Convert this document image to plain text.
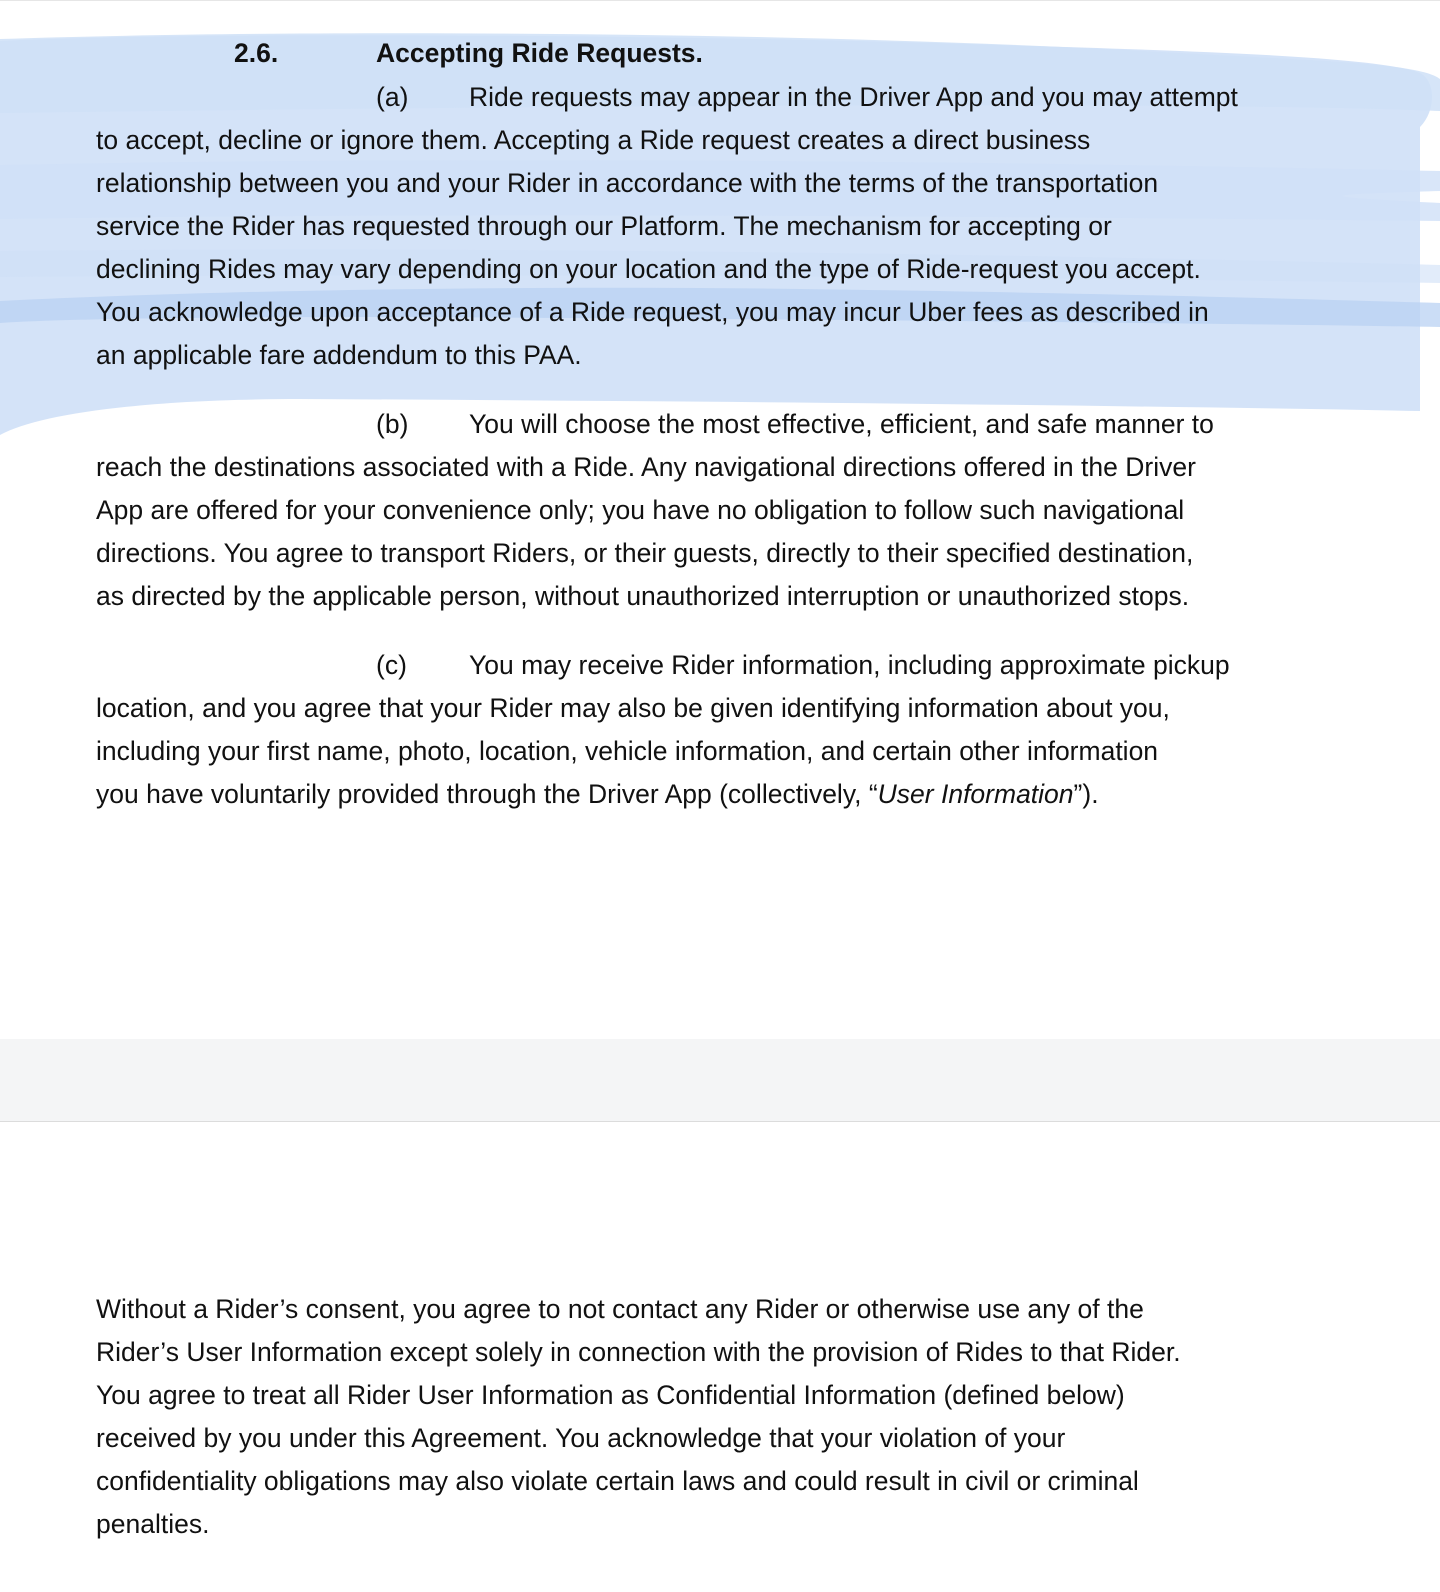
2.6.	Accepting Ride Requests.
(a) Ride requests may appear in the Driver App and you may attempt

to accept, decline or ignore them. Accepting a Ride request creates a direct business

relationship between you and your Rider in accordance with the terms of the transportation

service the Rider has requested through our Platform. The mechanism for accepting or

declining Rides may vary depending on your location and the type of Ride-request you accept.

You acknowledge upon acceptance of a Ride request, you may incur Uber fees as described in

an applicable fare addendum to this PAA.

(b) You will choose the most effective, efficient, and safe manner to

reach the destinations associated with a Ride. Any navigational directions offered in the Driver

App are offered for your convenience only; you have no obligation to follow such navigational

directions. You agree to transport Riders, or their guests, directly to their specified destination,

as directed by the applicable person, without unauthorized interruption or unauthorized stops.

(c) You may receive Rider information, including approximate pickup

location, and you agree that your Rider may also be given identifying information about you,

including your first name, photo, location, vehicle information, and certain other information

you have voluntarily provided through the Driver App (collectively, “User Information”).

Without a Rider’s consent, you agree to not contact any Rider or otherwise use any of the

Rider’s User Information except solely in connection with the provision of Rides to that Rider.

You agree to treat all Rider User Information as Confidential Information (defined below)

received by you under this Agreement. You acknowledge that your violation of your

confidentiality obligations may also violate certain laws and could result in civil or criminal

penalties.
